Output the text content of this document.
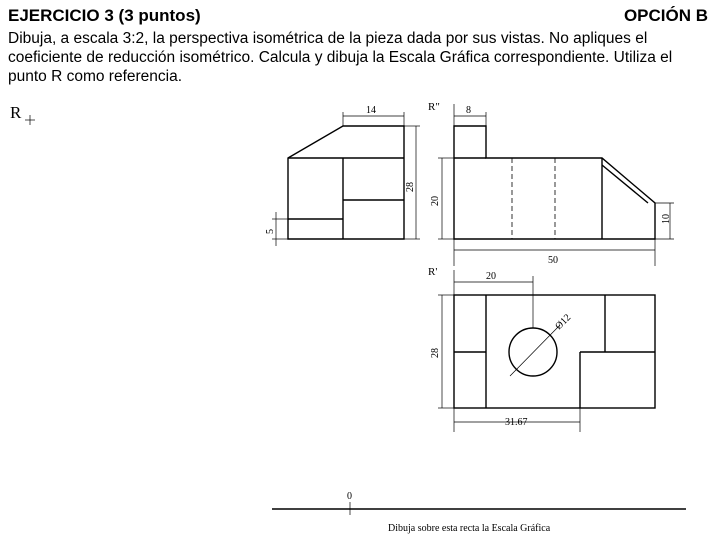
EJERCICIO 3 (3 puntos)	OPCIÓN B
Dibuja, a escala 3:2, la perspectiva isométrica de la pieza dada por sus vistas. No apliques el coeficiente de reducción isométrico. Calcula y dibuja la Escala Gráfica correspondiente. Utiliza el punto R como referencia.
R	14
28
5
R"	8
20
10
50
R'
Ø12
20
28
31.67
0
Dibuja sobre esta recta la Escala Gráfica
